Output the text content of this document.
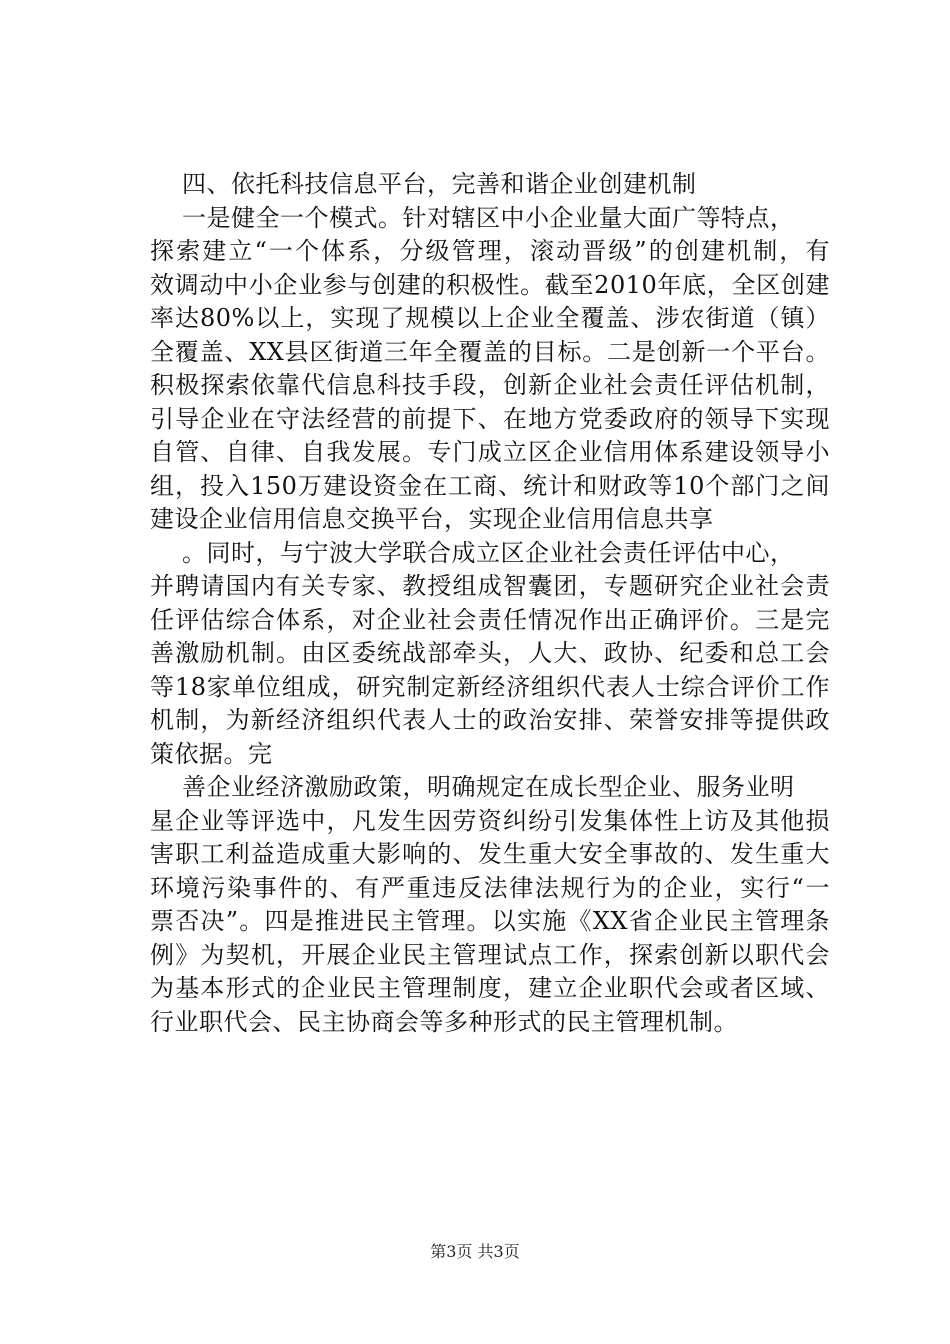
四、依托科技信息平台，完善和谐企业创建机制
一是健全一个模式。针对辖区中小企业量大面广等特点，
探索建立“一个体系，分级管理，滚动晋级”的创建机制，有
效调动中小企业参与创建的积极性。截至2010年底，全区创建
率达80%以上，实现了规模以上企业全覆盖、涉农街道（镇）
全覆盖、XX县区街道三年全覆盖的目标。二是创新一个平台。
积极探索依靠代信息科技手段，创新企业社会责任评估机制，
引导企业在守法经营的前提下、在地方党委政府的领导下实现
自管、自律、自我发展。专门成立区企业信用体系建设领导小
组，投入150万建设资金在工商、统计和财政等10个部门之间
建设企业信用信息交换平台，实现企业信用信息共享
。同时，与宁波大学联合成立区企业社会责任评估中心，
并聘请国内有关专家、教授组成智囊团，专题研究企业社会责
任评估综合体系，对企业社会责任情况作出正确评价。三是完
善激励机制。由区委统战部牵头，人大、政协、纪委和总工会
等18家单位组成，研究制定新经济组织代表人士综合评价工作
机制，为新经济组织代表人士的政治安排、荣誉安排等提供政
策依据。完
善企业经济激励政策，明确规定在成长型企业、服务业明
星企业等评选中，凡发生因劳资纠纷引发集体性上访及其他损
害职工利益造成重大影响的、发生重大安全事故的、发生重大
环境污染事件的、有严重违反法律法规行为的企业，实行“一
票否决”。四是推进民主管理。以实施《XX省企业民主管理条
例》为契机，开展企业民主管理试点工作，探索创新以职代会
为基本形式的企业民主管理制度，建立企业职代会或者区域、
行业职代会、民主协商会等多种形式的民主管理机制。
第3页 共3页
